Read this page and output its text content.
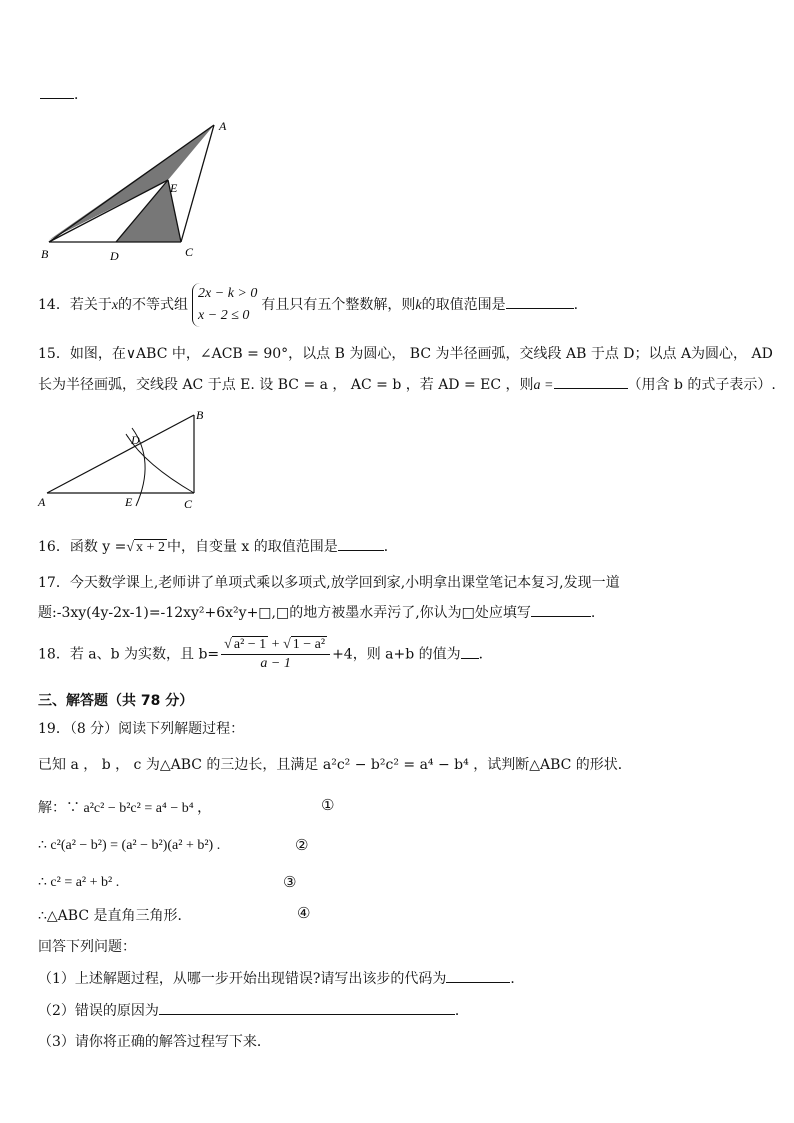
．
A
B	C
D
E
14．若关于x的不等式组
2x − k > 0
x − 2 ≤ 0
有且只有五个整数解，则k的取值范围是	.
15．如图，在∨ABC 中，∠ACB = 90°，以点 B 为圆心， BC 为半径画弧，交线段 AB 于点 D；以点 A为圆心， AD
长为半径画弧，交线段 AC 于点 E. 设 BC = a ， AC = b ，若 AD = EC ，则a =	（用含 b 的式子表示）.
B
A	C
D
E
16．函数 y =√ x + 2 中，自变量 x 的取值范围是	．
17．今天数学课上,老师讲了单项式乘以多项式,放学回到家,小明拿出课堂笔记本复习,发现一道
题:-3xy(4y-2x-1)=-12xy²+6x²y+□,□的地方被墨水弄污了,你认为□处应填写	.
18．若 a、b 为实数，且 $b= \frac{\text{√ a² − 1 + √ 1 − a²}}{a - 1} +4$，则 a+b 的值为 ．
三、解答题（共 78 分）
19．（8 分）阅读下列解题过程：
已知 a ， b ， c 为△ABC 的三边长，且满足 a²c² − b²c² = a⁴ − b⁴ ，试判断△ABC 的形状．
解：∵ a²c² − b²c² = a⁴ − b⁴ ，	①
∴ c²(a² − b²) = (a² − b²)(a² + b²) .	②
∴ c² = a² + b² .	③
∴△ABC 是直角三角形．	④
回答下列问题：
（1）上述解题过程，从哪一步开始出现错误?请写出该步的代码为	．
（2）错误的原因为	．
（3）请你将正确的解答过程写下来．
